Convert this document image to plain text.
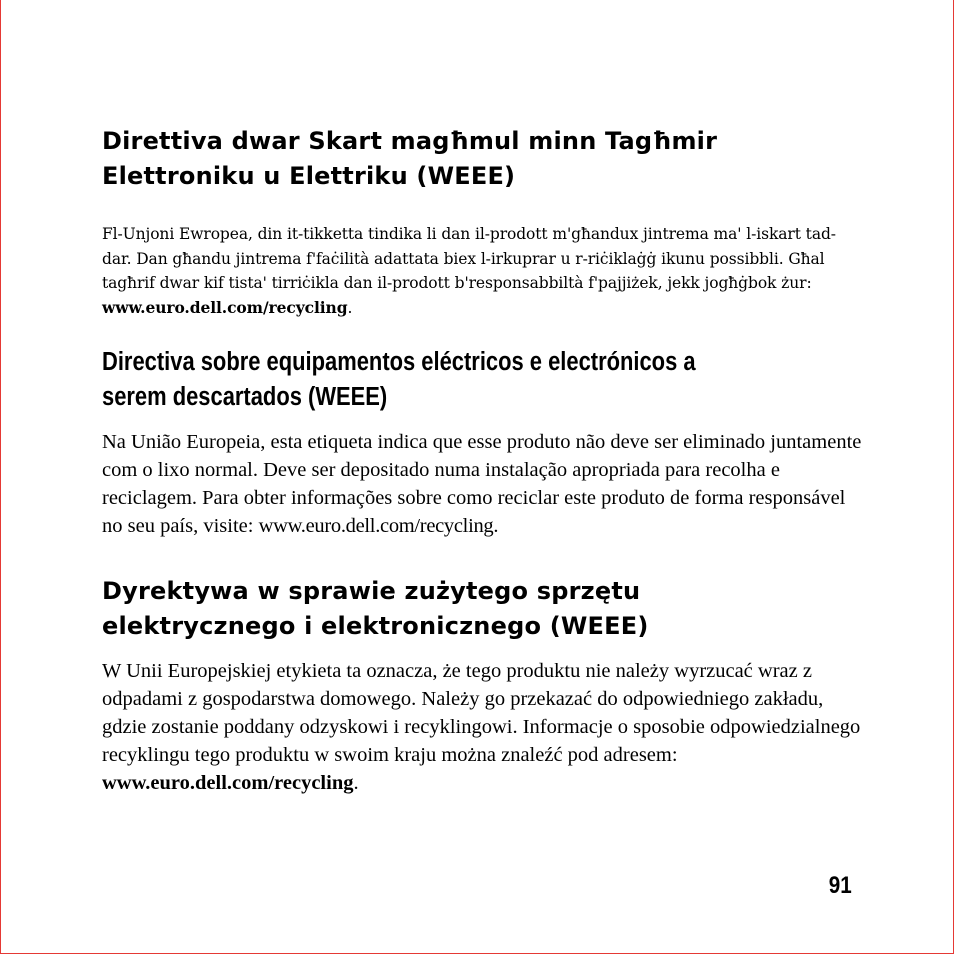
Direttiva dwar Skart magħmul minn Tagħmir
Elettroniku u Elettriku (WEEE)

Fl-Unjoni Ewropea, din it-tikketta tindika li dan il-prodott m'għandux jintrema ma' l-iskart tad-dar. Dan għandu jintrema f'faċilità adattata biex l-irkuprar u r-riċiklaġġ ikunu possibbli. Għal tagħrif dwar kif tista' tirriċikla dan il-prodott b'responsabbiltà f'pajjiżek, jekk jogħġbok żur: www.euro.dell.com/recycling.

Directiva sobre equipamentos eléctricos e electrónicos a
serem descartados (WEEE)

Na União Europeia, esta etiqueta indica que esse produto não deve ser eliminado juntamente com o lixo normal. Deve ser depositado numa instalação apropriada para recolha e reciclagem. Para obter informações sobre como reciclar este produto de forma responsável no seu país, visite: www.euro.dell.com/recycling.

Dyrektywa w sprawie zużytego sprzętu
elektrycznego i elektronicznego (WEEE)

W Unii Europejskiej etykieta ta oznacza, że tego produktu nie należy wyrzucać wraz z odpadami z gospodarstwa domowego. Należy go przekazać do odpowiedniego zakładu, gdzie zostanie poddany odzyskowi i recyklingowi. Informacje o sposobie odpowiedzialnego recyklingu tego produktu w swoim kraju można znaleźć pod adresem: www.euro.dell.com/recycling.

91
